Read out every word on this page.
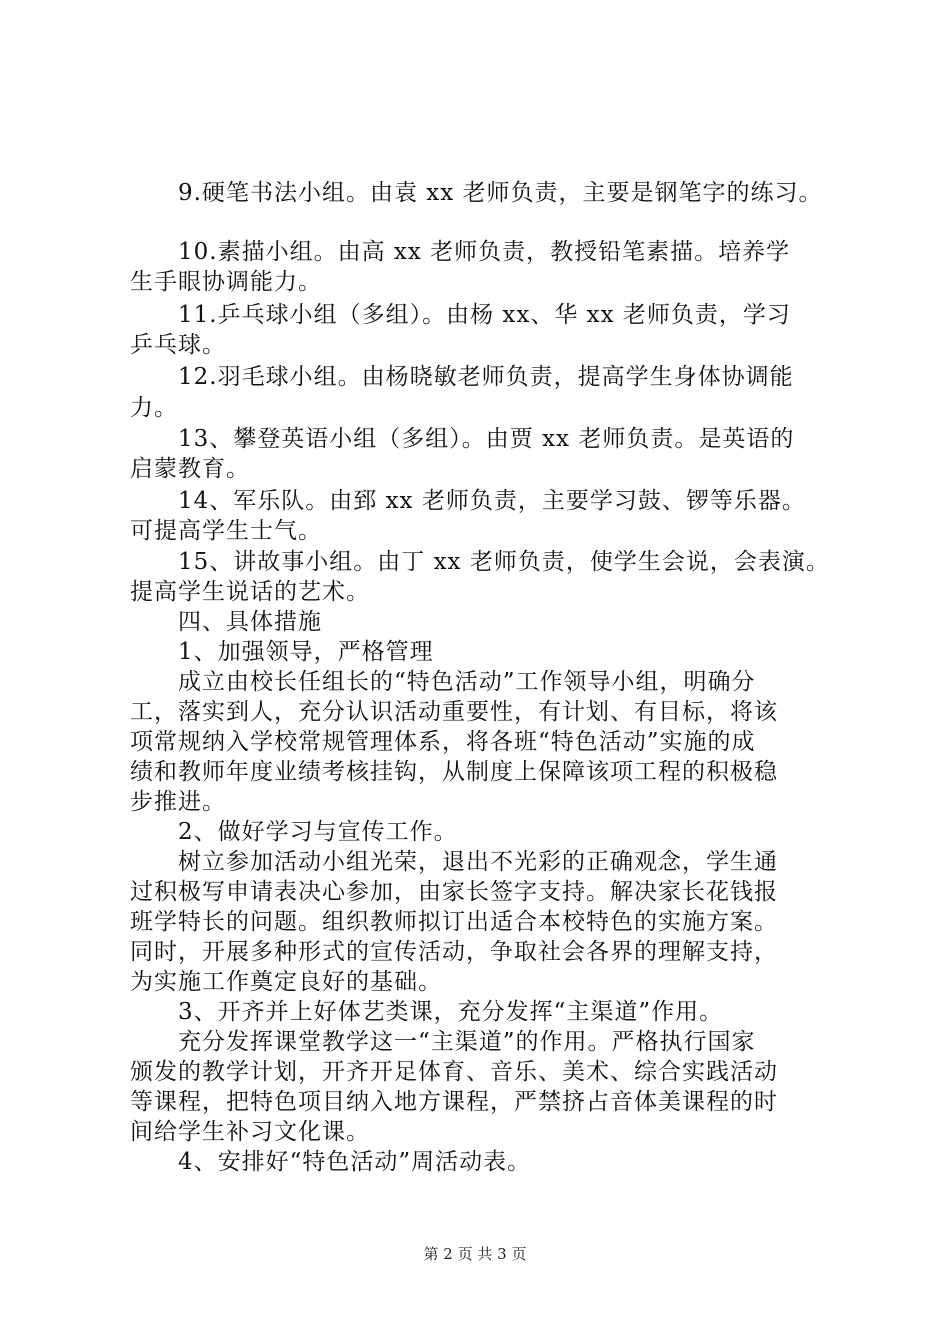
9.硬笔书法小组。由袁 xx 老师负责，主要是钢笔字的练习。
10.素描小组。由高 xx 老师负责，教授铅笔素描。培养学
生手眼协调能力。
11.乒乓球小组（多组）。由杨 xx、华 xx 老师负责，学习
乒乓球。
12.羽毛球小组。由杨晓敏老师负责，提高学生身体协调能
力。
13、攀登英语小组（多组）。由贾 xx 老师负责。是英语的
启蒙教育。
14、军乐队。由郅 xx 老师负责，主要学习鼓、锣等乐器。
可提高学生士气。
15、讲故事小组。由丁 xx 老师负责，使学生会说，会表演。
提高学生说话的艺术。
四、具体措施
1、加强领导，严格管理
成立由校长任组长的“特色活动”工作领导小组，明确分
工，落实到人，充分认识活动重要性，有计划、有目标，将该
项常规纳入学校常规管理体系，将各班“特色活动”实施的成
绩和教师年度业绩考核挂钩，从制度上保障该项工程的积极稳
步推进。
2、做好学习与宣传工作。
树立参加活动小组光荣，退出不光彩的正确观念，学生通
过积极写申请表决心参加，由家长签字支持。解决家长花钱报
班学特长的问题。组织教师拟订出适合本校特色的实施方案。
同时，开展多种形式的宣传活动，争取社会各界的理解支持，
为实施工作奠定良好的基础。
3、开齐并上好体艺类课，充分发挥“主渠道”作用。
充分发挥课堂教学这一“主渠道”的作用。严格执行国家
颁发的教学计划，开齐开足体育、音乐、美术、综合实践活动
等课程，把特色项目纳入地方课程，严禁挤占音体美课程的时
间给学生补习文化课。
4、安排好“特色活动”周活动表。
第 2 页 共 3 页
